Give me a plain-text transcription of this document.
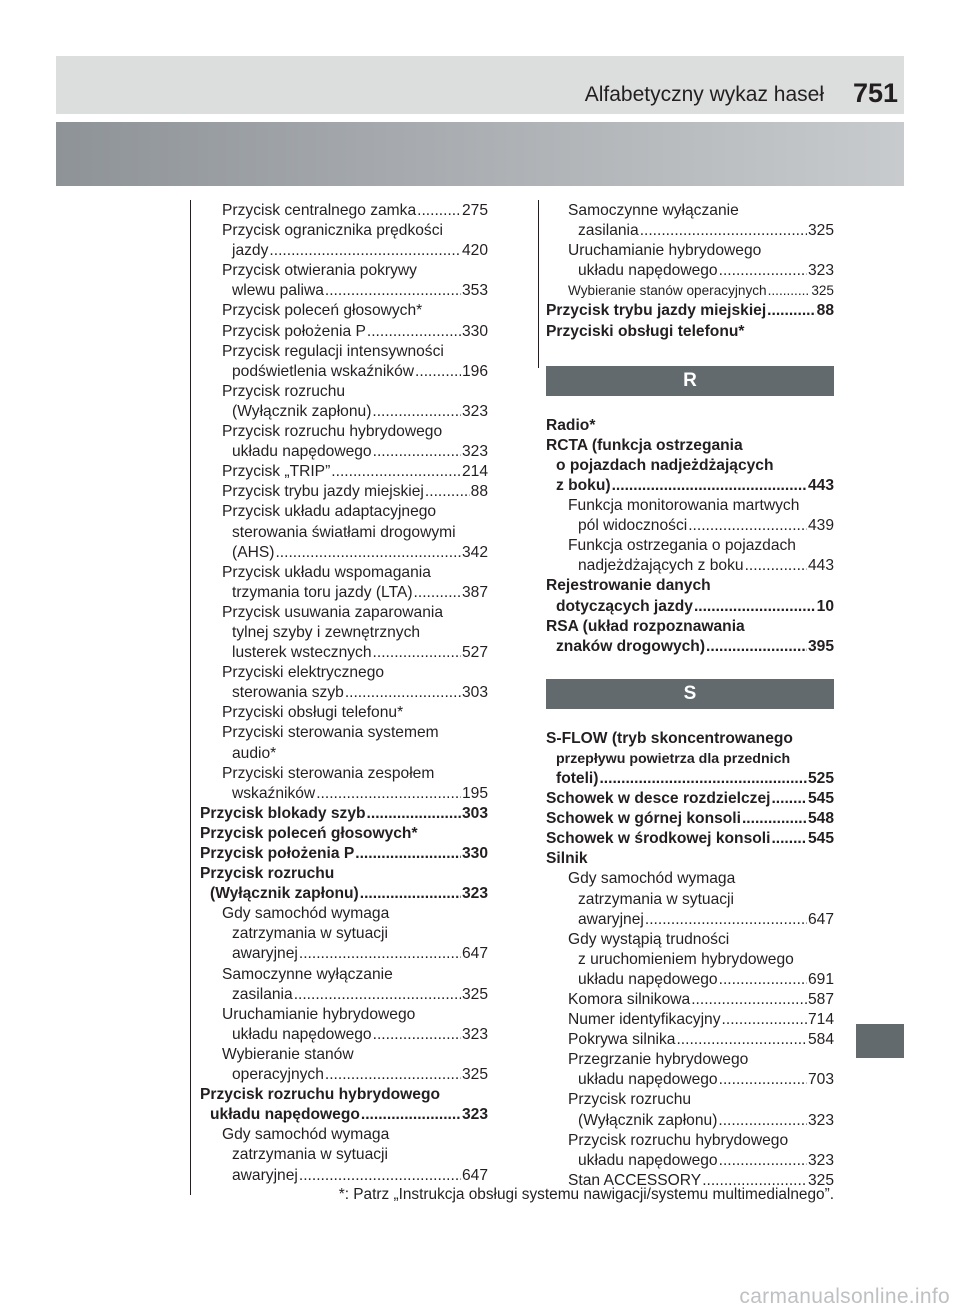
Alfabetyczny wykaz haseł 751
Przycisk centralnego zamka .....	275
Przycisk ogranicznika prędkości
jazdy .....	420
Przycisk otwierania pokrywy
wlewu paliwa .....	353
Przycisk poleceń głosowych*
Przycisk położenia P .....	330
Przycisk regulacji intensywności
podświetlenia wskaźników .....	196
Przycisk rozruchu
(Wyłącznik zapłonu) .....	323
Przycisk rozruchu hybrydowego
układu napędowego .....	323
Przycisk „TRIP” .....	214
Przycisk trybu jazdy miejskiej .....	88
Przycisk układu adaptacyjnego
sterowania światłami drogowymi
(AHS) .....	342
Przycisk układu wspomagania
trzymania toru jazdy (LTA) .....	387
Przycisk usuwania zaparowania
tylnej szyby i zewnętrznych
lusterek wstecznych .....	527
Przyciski elektrycznego
sterowania szyb .....	303
Przyciski obsługi telefonu*
Przyciski sterowania systemem
audio*
Przyciski sterowania zespołem
wskaźników .....	195
Przycisk blokady szyb .....	303
Przycisk poleceń głosowych*
Przycisk położenia P .....	330
Przycisk rozruchu
(Wyłącznik zapłonu) .....	323
Gdy samochód wymaga
zatrzymania w sytuacji
awaryjnej .....	647
Samoczynne wyłączanie
zasilania .....	325
Uruchamianie hybrydowego
układu napędowego .....	323
Wybieranie stanów
operacyjnych .....	325
Przycisk rozruchu hybrydowego
układu napędowego .....	323
Gdy samochód wymaga
zatrzymania w sytuacji
awaryjnej .....	647
Samoczynne wyłączanie
zasilania .....	325
Uruchamianie hybrydowego
układu napędowego .....	323
Wybieranie stanów operacyjnych .....	325
Przycisk trybu jazdy miejskiej .....	88
Przyciski obsługi telefonu*
R
Radio*
RCTA (funkcja ostrzegania
o pojazdach nadjeżdżających
z boku) .....	443
Funkcja monitorowania martwych
pól widoczności .....	439
Funkcja ostrzegania o pojazdach
nadjeżdżających z boku .....	443
Rejestrowanie danych
dotyczących jazdy .....	10
RSA (układ rozpoznawania
znaków drogowych) .....	395
S
S-FLOW (tryb skoncentrowanego
przepływu powietrza dla przednich
foteli) .....	525
Schowek w desce rozdzielczej ..... 545
Schowek w górnej konsoli .....	548
Schowek w środkowej konsoli ..... 545
Silnik
Gdy samochód wymaga
zatrzymania w sytuacji
awaryjnej .....	647
Gdy wystąpią trudności
z uruchomieniem hybrydowego
układu napędowego .....	691
Komora silnikowa .....	587
Numer identyfikacyjny .....	714
Pokrywa silnika .....	584
Przegrzanie hybrydowego
układu napędowego .....	703
Przycisk rozruchu
(Wyłącznik zapłonu) .....	323
Przycisk rozruchu hybrydowego
układu napędowego .....	323
Stan ACCESSORY .....	325
*: Patrz „Instrukcja obsługi systemu nawigacji/systemu multimedialnego”.
carmanualsonline.info
